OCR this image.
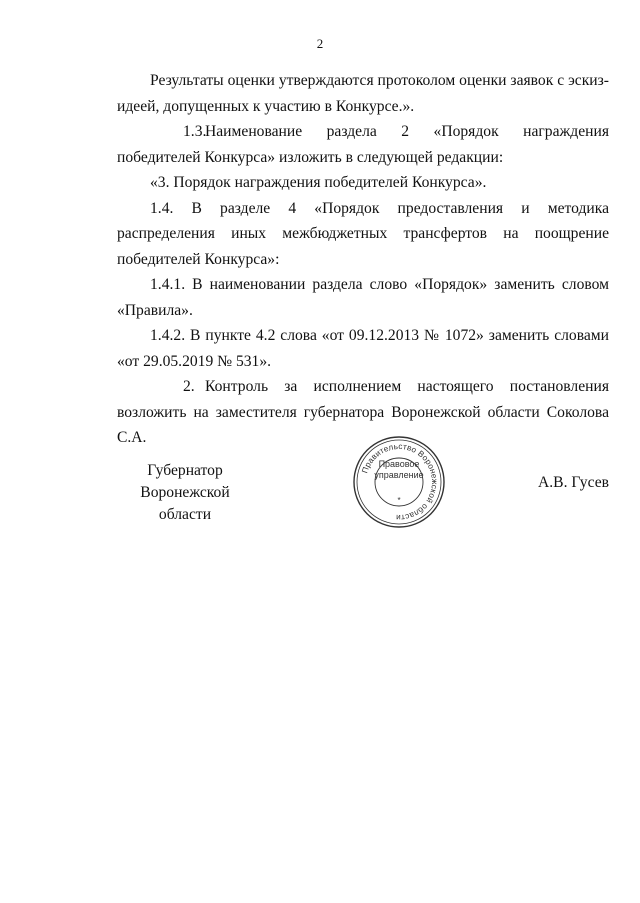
2

Результаты оценки утверждаются протоколом оценки заявок с эскиз-идеей, допущенных к участию в Конкурсе.».

1.3.Наименование раздела 2 «Порядок награждения победителей Конкурса» изложить в следующей редакции:

«3. Порядок награждения победителей Конкурса».

1.4. В разделе 4 «Порядок предоставления и методика распределения иных межбюджетных трансфертов на поощрение победителей Конкурса»:

1.4.1. В наименовании раздела слово «Порядок» заменить словом «Правила».

1.4.2. В пункте 4.2 слова «от 09.12.2013 № 1072» заменить словами «от 29.05.2019 № 531».

2. Контроль за исполнением настоящего постановления возложить на заместителя губернатора Воронежской области Соколова С.А.

Губернатор
Воронежской области
Правительство Воронежской области
Правовое
управление
*
А.В. Гусев
